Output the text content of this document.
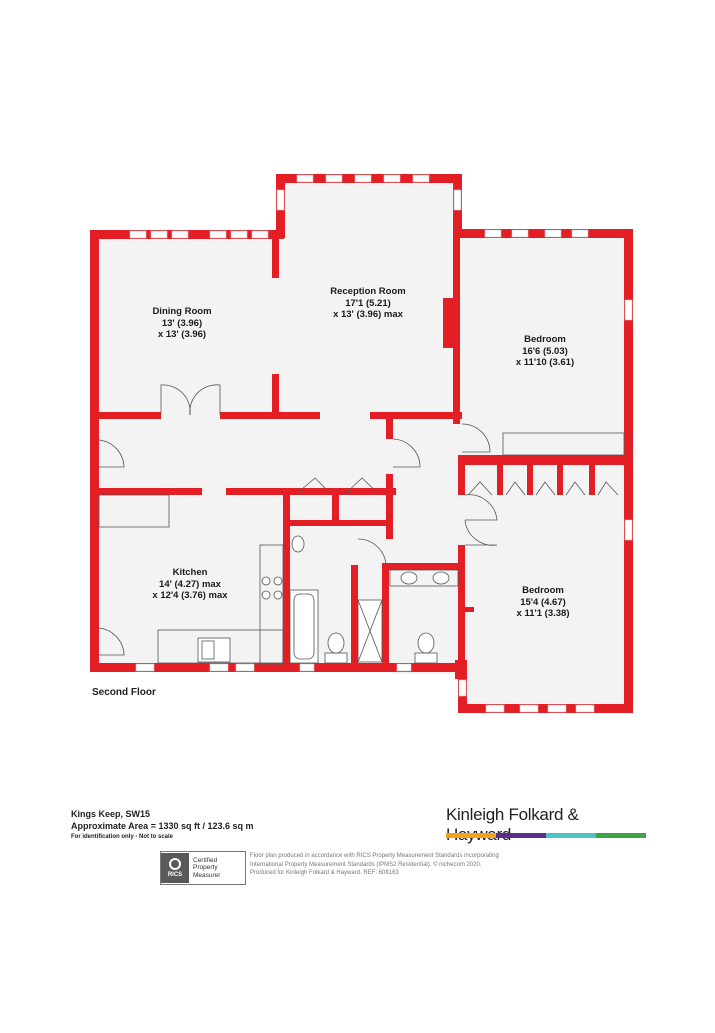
Dining Room
13' (3.96)
x 13' (3.96)
Reception Room
17'1 (5.21)
x 13' (3.96) max
Bedroom
16'6 (5.03)
x 11'10 (3.61)
Kitchen
14' (4.27) max
x 12'4 (3.76) max	Bedroom
15'4 (4.67)
x 11'1 (3.38)
Second Floor
Kings Keep, SW15
Approximate Area = 1330 sq ft / 123.6 sq m
For identification only - Not to scale
Kinleigh Folkard &
RICS
Certified
Property
Measurer
Floor plan produced in accordance with RICS Property Measurement Standards incorporating
International Property Measurement Standards (IPMS2 Residential). © nichecom 2020.
Produced for Kinleigh Folkard & Hayward. REF: 608163
